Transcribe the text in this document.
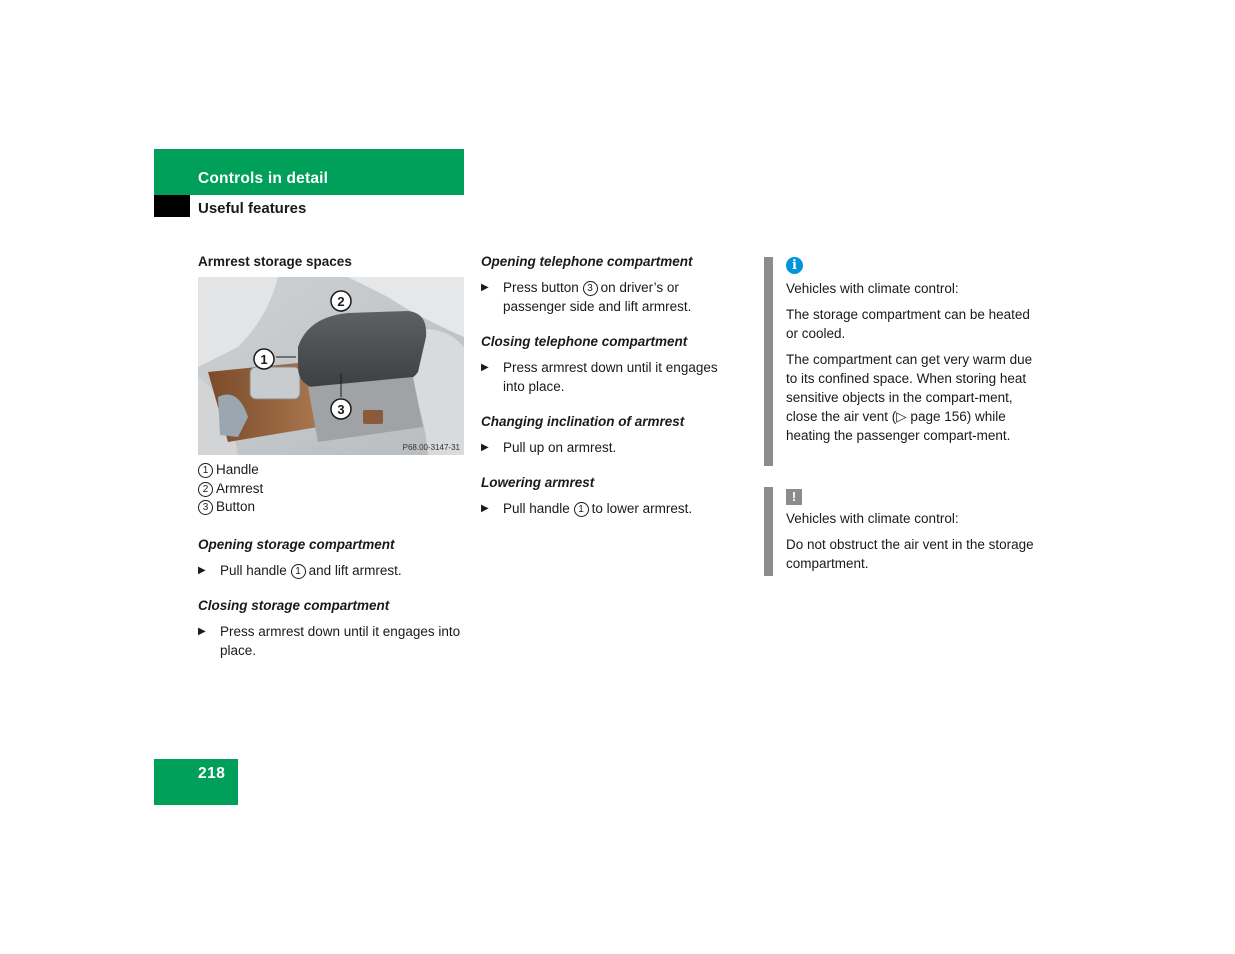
Controls in detail
Useful features
Armrest storage spaces
2
1
3
P68.00-3147-31
1 Handle
2 Armrest
3 Button
Opening storage compartment
▶ Pull handle 1 and lift armrest.
Closing storage compartment
▶ Press armrest down until it engages into place.
Opening telephone compartment
▶ Press button 3 on driver’s or passenger side and lift armrest.
Closing telephone compartment
▶ Press armrest down until it engages into place.
Changing inclination of armrest
▶ Pull up on armrest.
Lowering armrest
▶ Pull handle 1 to lower armrest.
i

Vehicles with climate control:

The storage compartment can be heated or cooled.

The compartment can get very warm due to its confined space. When storing heat sensitive objects in the compart-ment, close the air vent (▷ page 156) while heating the passenger compart-ment.

!

Vehicles with climate control:

Do not obstruct the air vent in the storage compartment.

218
